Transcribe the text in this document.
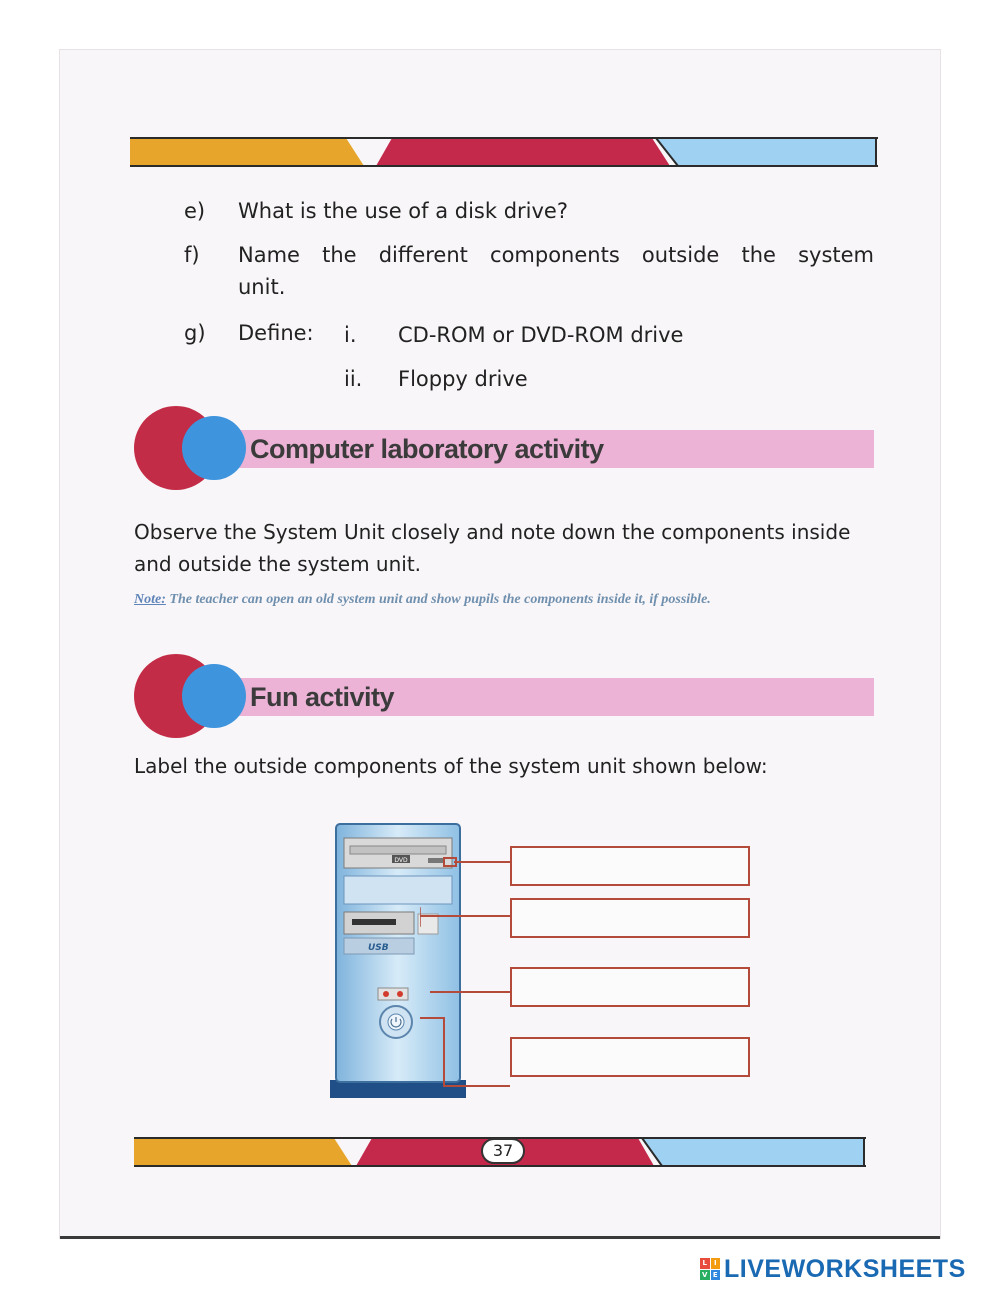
e) What is the use of a disk drive?
f) Name the different components outside the system
unit.
g) Define: i. CD-ROM or DVD-ROM drive
ii. Floppy drive
Computer laboratory activity
Observe the System Unit closely and note down the components inside and outside the system unit.
Note: The teacher can open an old system unit and show pupils the components inside it, if possible.
Fun activity
Label the outside components of the system unit shown below:
DVD
USB
37
L I
V E LIVEWORKSHEETS
